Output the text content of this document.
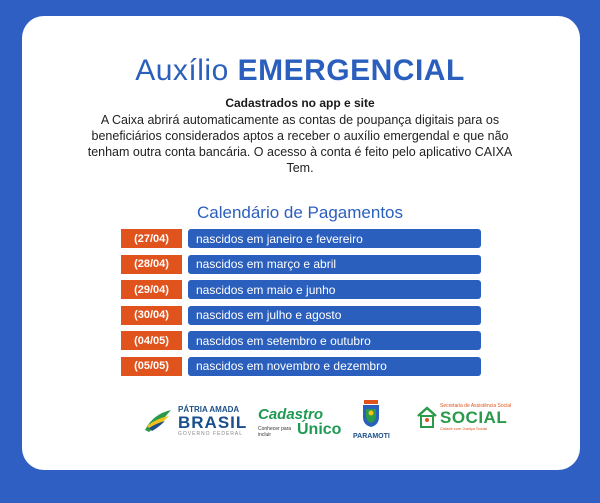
Auxílio EMERGENCIAL
Cadastrados no app e site
A Caixa abrirá automaticamente as contas de poupança digitais para os beneficiários considerados aptos a receber o auxílio emergendal e que não tenham outra conta bancária. O acesso à conta é feito pelo aplicativo CAIXA Tem.
Calendário de Pagamentos
(27/04)	nascidos em janeiro e fevereiro
(28/04)	nascidos em março e abril
(29/04)	nascidos em maio e junho
(30/04)	nascidos em julho e agosto
(04/05)	nascidos em setembro e outubro
(05/05)	nascidos em novembro e dezembro
PÁTRIA AMADA
BRASIL
GOVERNO FEDERAL
Cadastro
Conhecer para incluir	Único PARAMOTI
Secretaria de Assistência Social
SOCIAL
Cidade com Justiça Social
